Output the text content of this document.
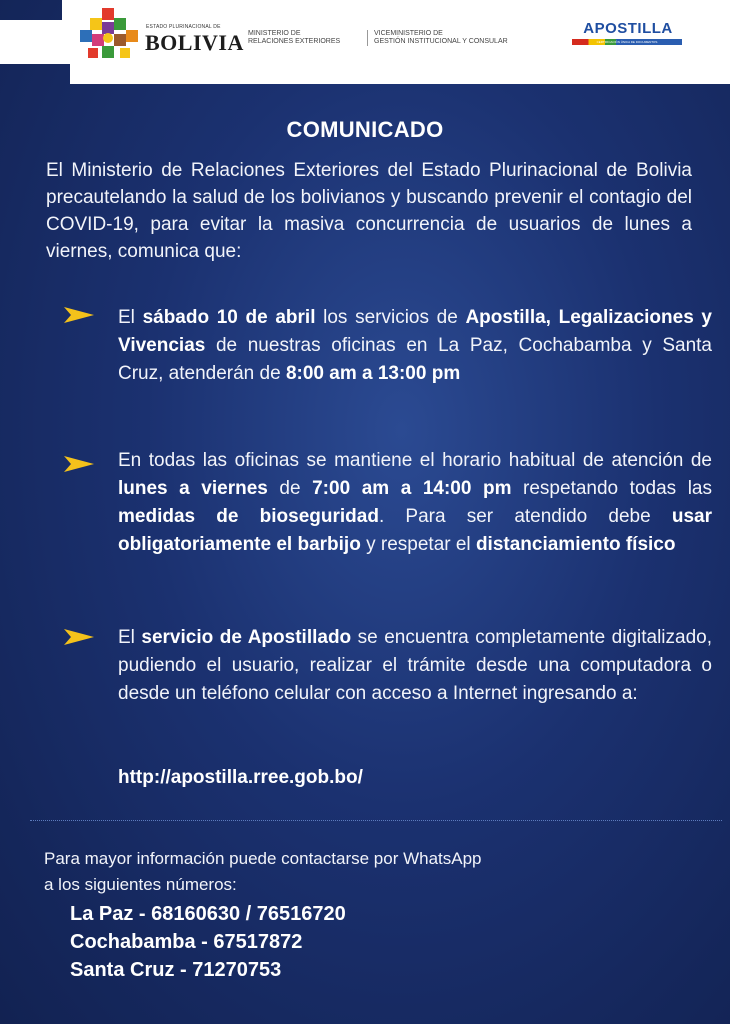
ESTADO PLURINACIONAL DE
BOLIVIA MINISTERIO DE
RELACIONES EXTERIORES
VICEMINISTERIO DE
GESTIÓN INSTITUCIONAL Y CONSULAR
APOSTILLA
CERTIFICACIÓN ÚNICA DE DOCUMENTOS
COMUNICADO
El Ministerio de Relaciones Exteriores del Estado Plurinacional de Bolivia precautelando la salud de los bolivianos y buscando prevenir el contagio del COVID-19, para evitar la masiva concurrencia de usuarios de lunes a viernes, comunica que:
El sábado 10 de abril los servicios de Apostilla, Legalizaciones y Vivencias de nuestras oficinas en La Paz, Cochabamba y Santa Cruz, atenderán de 8:00 am a 13:00 pm
En todas las oficinas se mantiene el horario habitual de atención de lunes a viernes de 7:00 am a 14:00 pm respetando todas las medidas de bioseguridad. Para ser atendido debe usar obligatoriamente el barbijo y respetar el distanciamiento físico
El servicio de Apostillado se encuentra completamente digitalizado, pudiendo el usuario, realizar el trámite desde una computadora o desde un teléfono celular con acceso a Internet ingresando a:
http://apostilla.rree.gob.bo/
Para mayor información puede contactarse por WhatsApp
a los siguientes números:
La Paz - 68160630 / 76516720
Cochabamba - 67517872
Santa Cruz - 71270753
